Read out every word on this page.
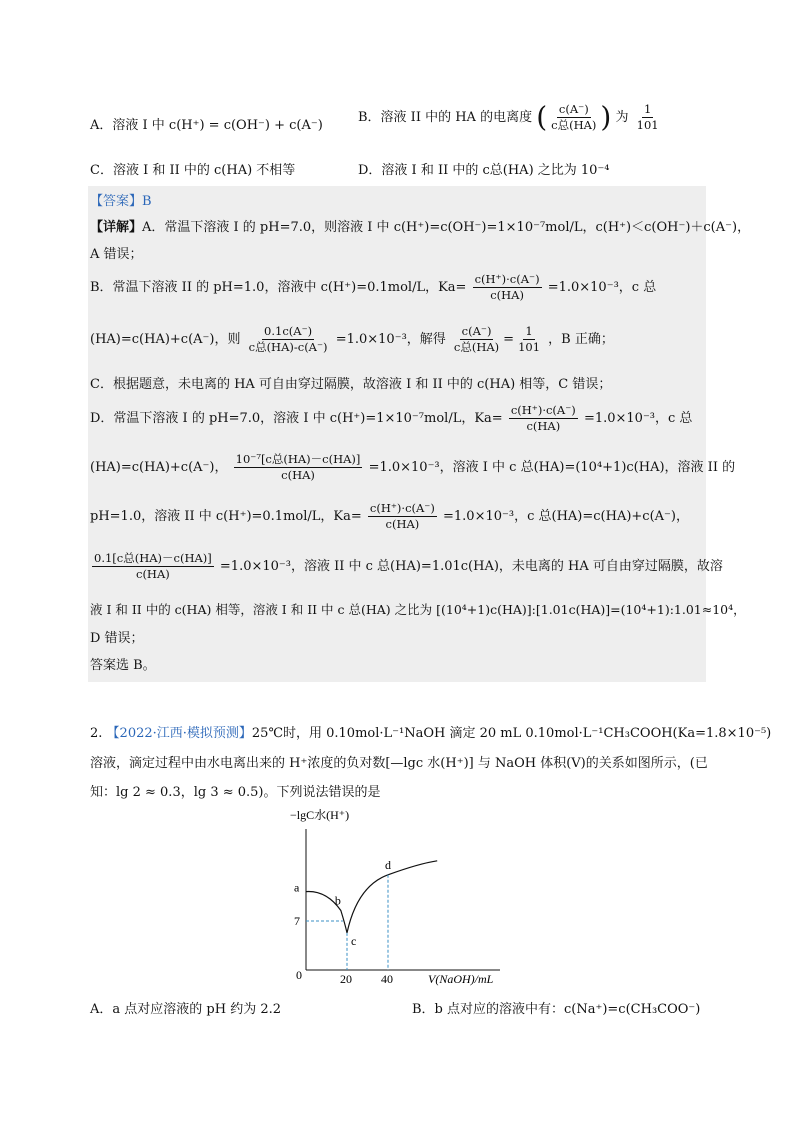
A．溶液 I 中 c(H⁺) = c(OH⁻) + c(A⁻)
B．溶液 II 中的 HA 的电离度 ( $\frac{c(A^-)}{\text{c总(HA)}}$ ) 为 $\frac{1}{101}$
C．溶液 I 和 II 中的 c(HA) 不相等	D．溶液 I 和 II 中的 c总(HA) 之比为 10⁻⁴
【答案】B
【详解】A．常温下溶液 I 的 pH=7.0，则溶液 I 中 c(H⁺)=c(OH⁻)=1×10⁻⁷mol/L，c(H⁺)＜c(OH⁻)＋c(A⁻)，
A 错误；
B．常温下溶液 II 的 pH=1.0，溶液中 c(H⁺)=0.1mol/L，$Ka= \frac{c(H^+)\cdot c(A^-)}{c(HA)} =1.0\times 10^{-3}$，c 总
(HA)=c(HA)+c(A⁻)，则 $\frac{0.1c(A^-)}{\text{c总(HA)-c(A⁻)}} =1.0\times 10^{-3}$，解得 $\frac{c(A^-)}{\text{c总(HA)}} = \frac{1}{101}$ ，B 正确；
C．根据题意，未电离的 HA 可自由穿过隔膜，故溶液 I 和 II 中的 c(HA) 相等，C 错误；
D．常温下溶液 I 的 pH=7.0，溶液 I 中 c(H⁺)=1×10⁻⁷mol/L，$Ka= \frac{c(H^+)\cdot c(A^-)}{c(HA)} =1.0\times 10^{-3}$，c 总
(HA)=c(HA)+c(A⁻)， $\frac{\text{10⁻⁷[c总(HA)－c(HA)]}}{c(HA)} =1.0\times 10^{-3}$，溶液 I 中 c 总(HA)=(10⁴+1)c(HA)，溶液 II 的
pH=1.0，溶液 II 中 c(H⁺)=0.1mol/L，$Ka= \frac{c(H^+)\cdot c(A^-)}{c(HA)} =1.0\times 10^{-3}$，c 总(HA)=c(HA)+c(A⁻)，
$\frac{\text{0.1[c总(HA)－c(HA)]}}{c(HA)} =1.0\times 10^{-3}$，溶液 II 中 c 总(HA)=1.01c(HA)，未电离的 HA 可自由穿过隔膜，故溶
液 I 和 II 中的 c(HA) 相等，溶液 I 和 II 中 c 总(HA) 之比为 [(10⁴+1)c(HA)]:[1.01c(HA)]=(10⁴+1):1.01≈10⁴，
D 错误；
答案选 B。
2. 【2022·江西·模拟预测】25℃时，用 0.10mol·L⁻¹NaOH 滴定 20 mL 0.10mol·L⁻¹CH₃COOH(Ka=1.8×10⁻⁵)
溶液，滴定过程中由水电离出来的 H⁺浓度的负对数[—lgc 水(H⁺)] 与 NaOH 体积(V)的关系如图所示，(已
知：lg 2 ≈ 0.3，lg 3 ≈ 0.5)。下列说法错误的是
−lgC水(H⁺)
V(NaOH)/mL
0	20 40
7
a
b
c
d
A．a 点对应溶液的 pH 约为 2.2	B．b 点对应的溶液中有：c(Na⁺)=c(CH₃COO⁻)
